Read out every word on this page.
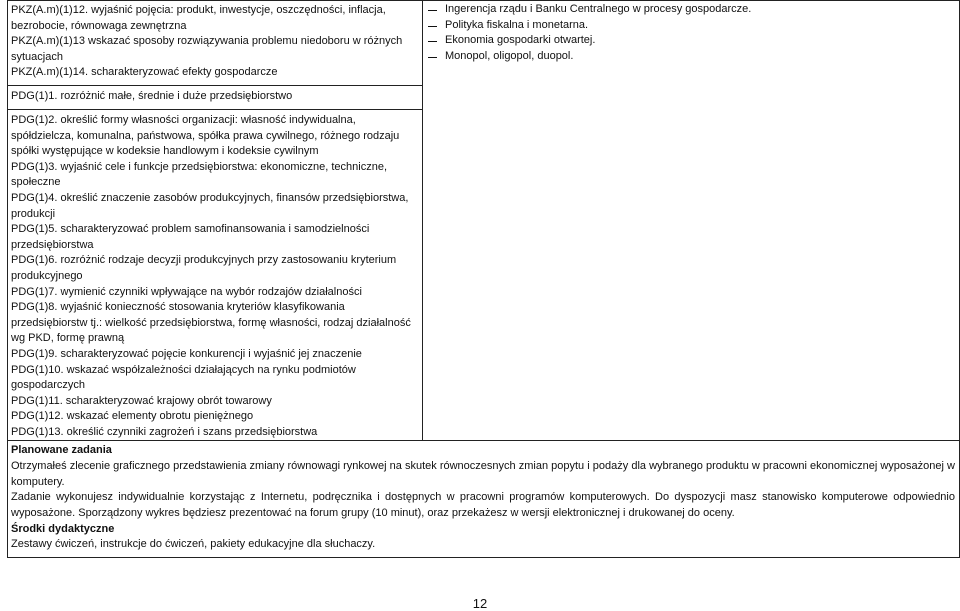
PKZ(A.m)(1)12. wyjaśnić pojęcia: produkt, inwestycje, oszczędności, inflacja, bezrobocie, równowaga zewnętrzna
PKZ(A.m)(1)13 wskazać sposoby rozwiązywania problemu niedoboru w różnych sytuacjach
PKZ(A.m)(1)14. scharakteryzować efekty gospodarcze

Ingerencja rządu i Banku Centralnego w procesy gospodarcze.
Polityka fiskalna i monetarna.
Ekonomia gospodarki otwartej.
Monopol, oligopol, duopol.

PDG(1)1. rozróżnić małe, średnie i duże przedsiębiorstwo

PDG(1)2. określić formy własności organizacji: własność indywidualna, spółdzielcza, komunalna, państwowa, spółka prawa cywilnego, różnego rodzaju spółki występujące w kodeksie handlowym i kodeksie cywilnym
PDG(1)3. wyjaśnić cele i funkcje przedsiębiorstwa: ekonomiczne, techniczne, społeczne
PDG(1)4. określić znaczenie zasobów produkcyjnych, finansów przedsiębiorstwa, produkcji
PDG(1)5. scharakteryzować problem samofinansowania i samodzielności przedsiębiorstwa
PDG(1)6. rozróżnić rodzaje decyzji produkcyjnych przy zastosowaniu kryterium produkcyjnego
PDG(1)7. wymienić czynniki wpływające na wybór rodzajów działalności
PDG(1)8. wyjaśnić konieczność stosowania kryteriów klasyfikowania przedsiębiorstw tj.: wielkość przedsiębiorstwa, formę własności, rodzaj działalność wg PKD, formę prawną
PDG(1)9. scharakteryzować pojęcie konkurencji i wyjaśnić jej znaczenie
PDG(1)10. wskazać współzależności działających na rynku podmiotów gospodarczych
PDG(1)11. scharakteryzować krajowy obrót towarowy
PDG(1)12. wskazać elementy obrotu pieniężnego
PDG(1)13. określić czynniki zagrożeń i szans przedsiębiorstwa

Planowane zadania
Otrzymałeś zlecenie graficznego przedstawienia zmiany równowagi rynkowej na skutek równoczesnych zmian popytu i podaży dla wybranego produktu w pracowni ekonomicznej wyposażonej w komputery.
Zadanie wykonujesz indywidualnie korzystając z Internetu, podręcznika i dostępnych w pracowni programów komputerowych. Do dyspozycji masz stanowisko komputerowe odpowiednio wyposażone. Sporządzony wykres będziesz prezentować na forum grupy (10 minut), oraz przekażesz w wersji elektronicznej i drukowanej do oceny.
Środki dydaktyczne
Zestawy ćwiczeń, instrukcje do ćwiczeń, pakiety edukacyjne dla słuchaczy.
12
